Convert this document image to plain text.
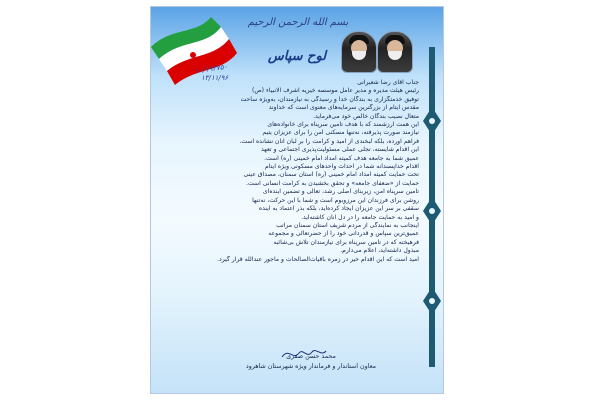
بسم الله الرحمن الرحيم
لوح سپاس
۱۰/۱۹۳۷۵۰
۱۳/۱۱/۹۶

جناب آقای رضا شعیرانی

رئیس هیئت مدیره و مدیر عامل موسسه خیریه اشرف الانبیاء (ص)

توفیق خدمتگزاری به بندگان خدا و رسیدگی به نیازمندان، به‌ویژه ساحت

مقدس ایتام از بزرگترین سرمایه‌های معنوی است که خداوند

متعال نصیب بندگان خالص خود می‌فرماید.

این همت ارزشمند که با هدف تأمین سرپناه برای خانواده‌های

نیازمند صورت پذیرفته، نه‌تنها مسکنی امن را برای عزیزان یتیم

فراهم آورده، بلکه لبخندی از امید و کرامت را بر لبان آنان نشانده است.

این اقدام شایسته، تجلی عملی مسئولیت‌پذیری اجتماعی و تعهد

عمیق شما به جامعه هدف کمیته امداد امام خمینی (ره) است.

اقدام خداپسندانه شما در احداث واحدهای مسکونی ویژه ایتام

تحت حمایت کمیته امداد امام خمینی (ره) استان سمنان، مصداق عینی

حمایت از «ضعفای جامعه» و تحقق بخشیدن به کرامت انسانی است.

تأمین سرپناه امن، زیربنای اصلی رشد، تعالی و تضمین آینده‌ای

روشن برای فرزندان این مرزوبوم است و شما با این حرکت، نه‌تنها

سقفی بر سر این عزیزان ایجاد کرده‌اید، بلکه بذر اعتماد به آینده

و امید به حمایت جامعه را در دل آنان کاشته‌اید.

اینجانب به نمایندگی از مردم شریف استان سمنان مراتب

عمیق‌ترین سپاس و قدردانی خود را از حضرتعالی و مجموعه

فرهیخته که در تأمین سرپناه برای نیازمندان تلاش بی‌شائبه

مبذول داشته‌اید، اعلام می‌دارم.

امید است که این اقدام خیر در زمره باقیات‌الصالحات و ماجور عندالله قرار گیرد.

محمد حسن صفری

معاون استاندار و فرماندار ویژه شهرستان شاهرود
